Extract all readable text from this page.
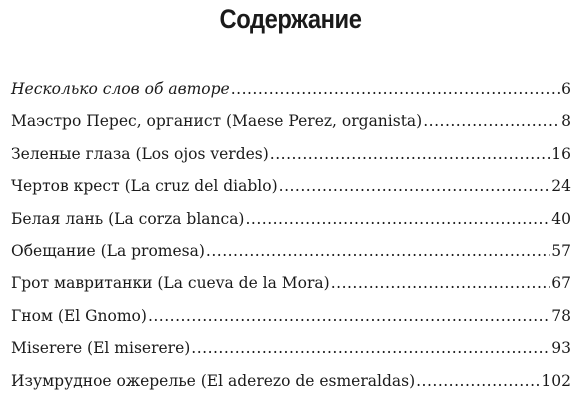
Содержание
Несколько слов об авторе .....	6
Маэстро Перес, органист (Maese Perez, organista) .....	8
Зеленые глаза (Los ojos verdes) .....	16
Чертов крест (La cruz del diablo) .....	24
Белая лань (La corza blanca) .....	40
Обещание (La promesa) .....	57
Грот мавританки (La cueva de la Mora) .....	67
Гном (El Gnomo) .....	78
Miserere (El miserere) .....	93
Изумрудное ожерелье (El aderezo de esmeraldas) .....	102
